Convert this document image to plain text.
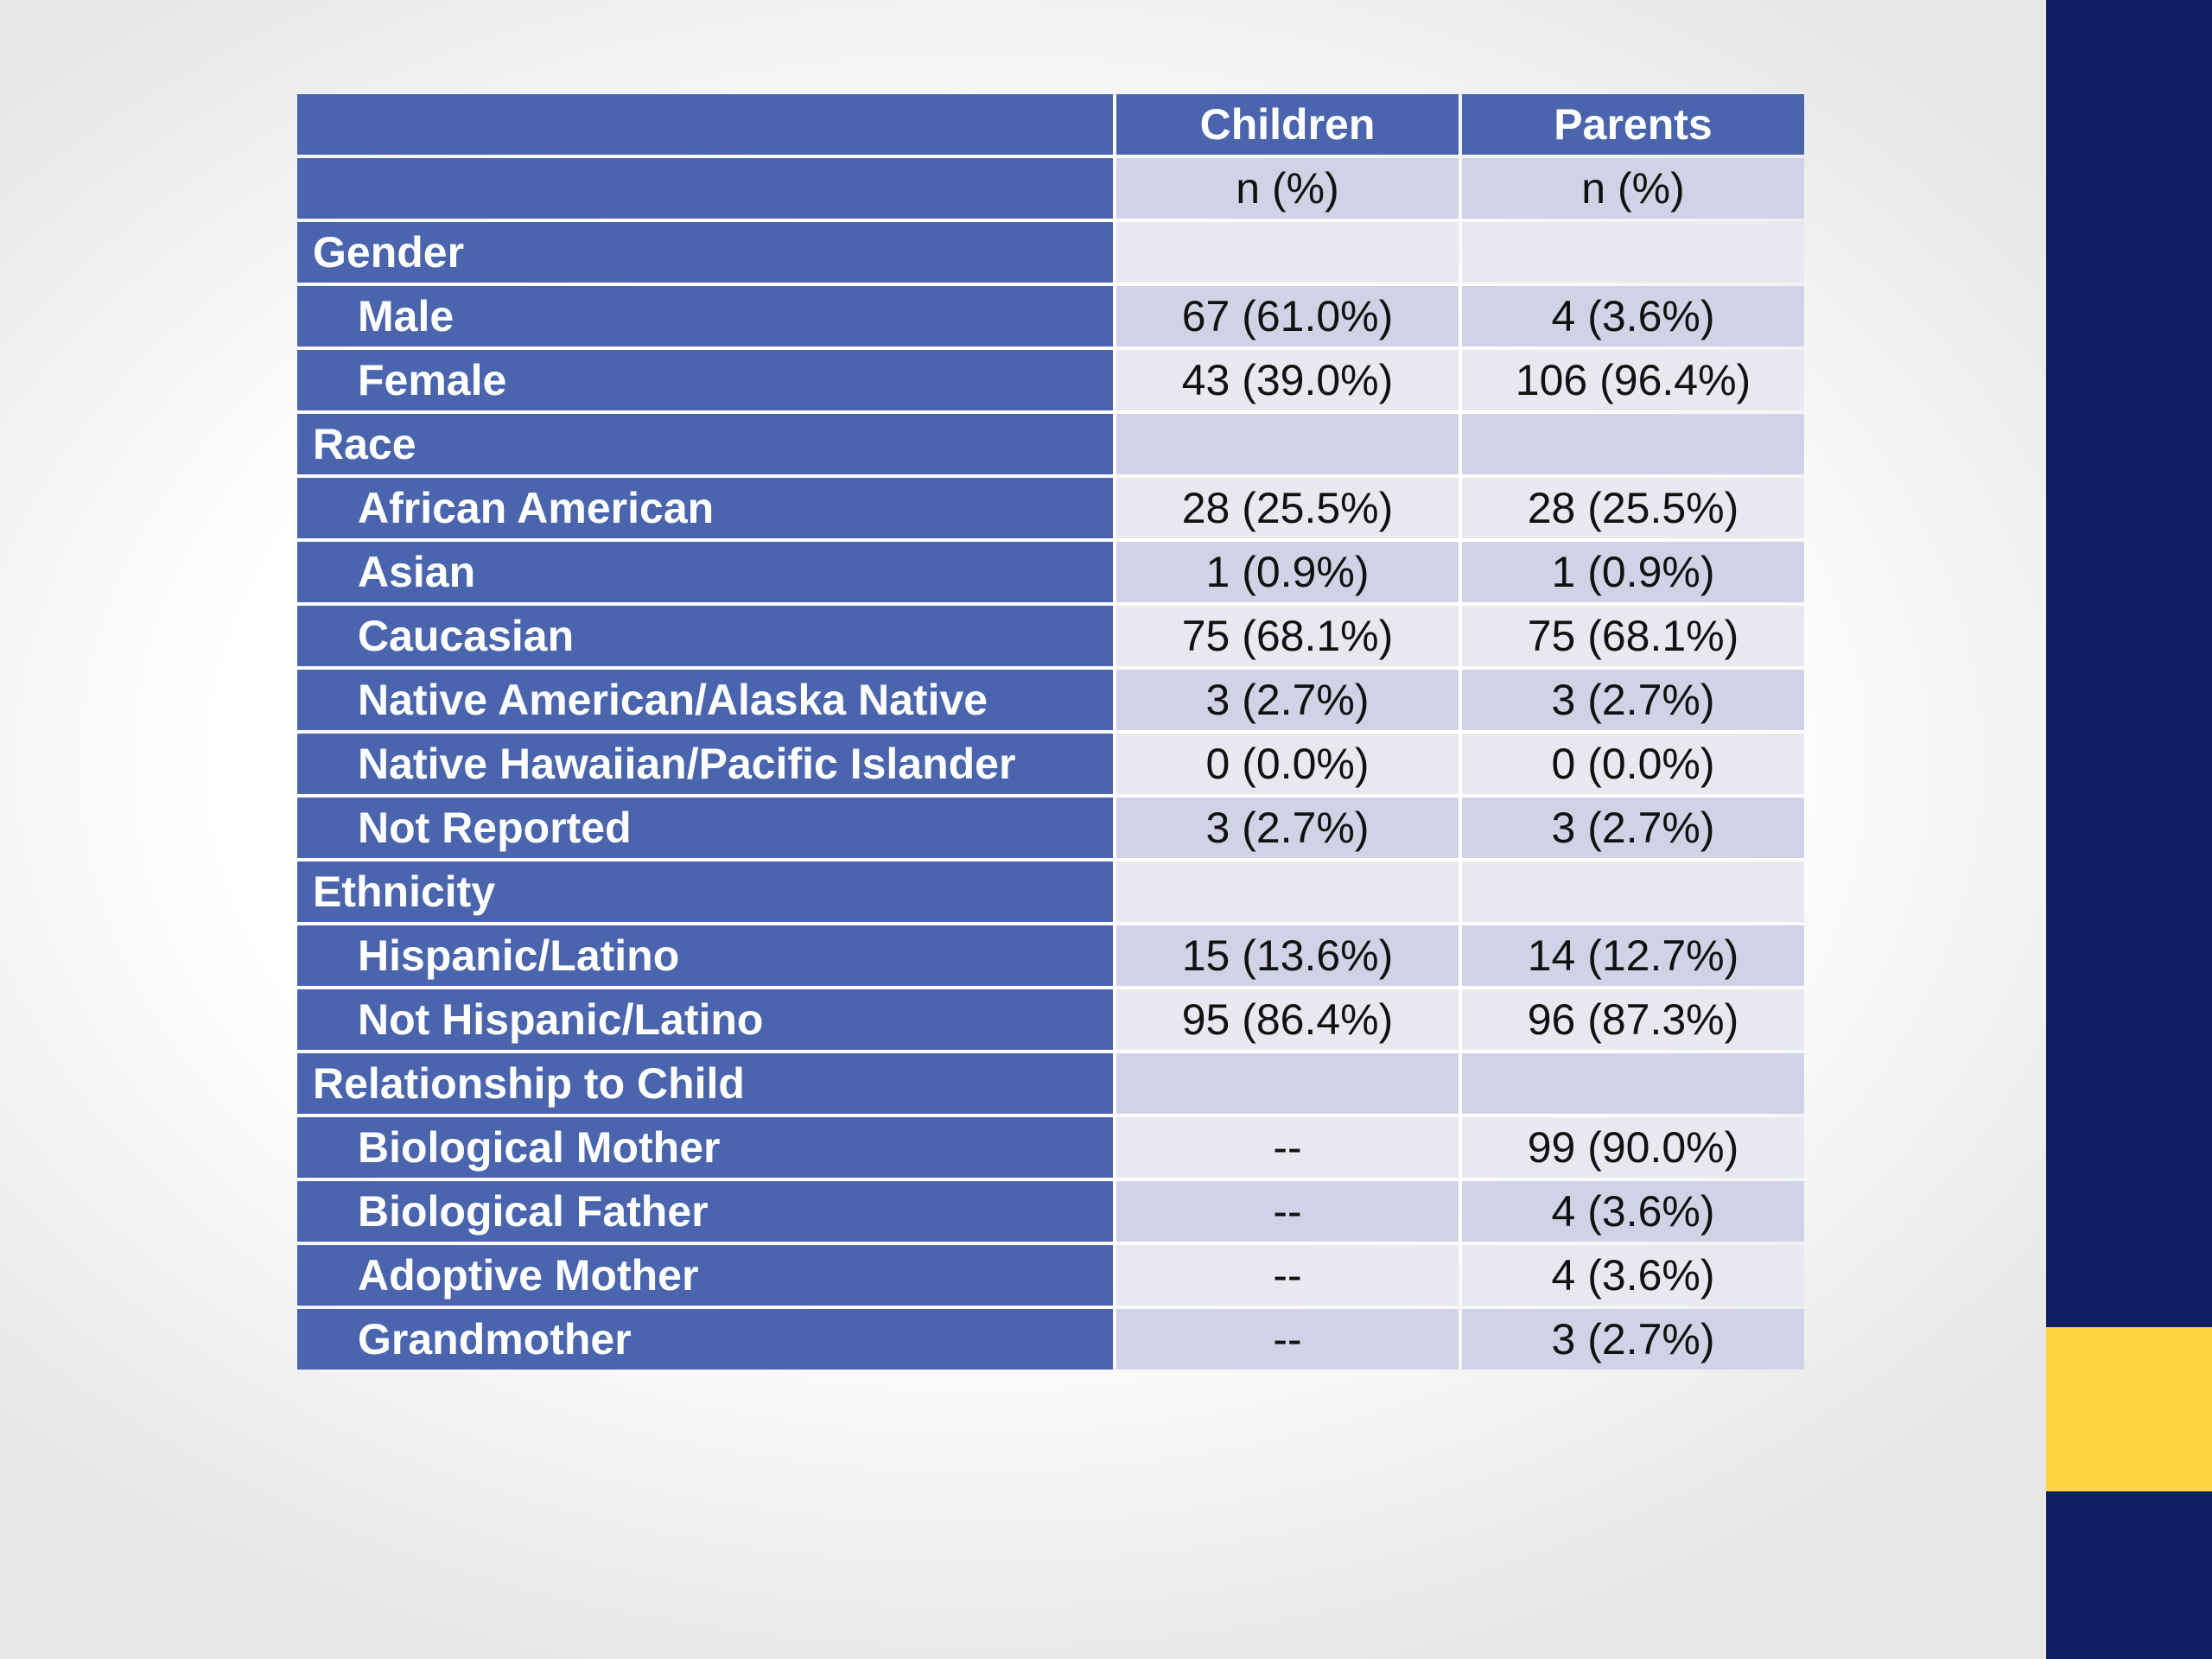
	Children	Parents
	n (%)	n (%)
Gender		
Male	67 (61.0%)	4 (3.6%)
Female	43 (39.0%)	106 (96.4%)
Race		
African American	28 (25.5%)	28 (25.5%)
Asian	1 (0.9%)	1 (0.9%)
Caucasian	75 (68.1%)	75 (68.1%)
Native American/Alaska Native	3 (2.7%)	3 (2.7%)
Native Hawaiian/Pacific Islander	0 (0.0%)	0 (0.0%)
Not Reported	3 (2.7%)	3 (2.7%)
Ethnicity		
Hispanic/Latino	15 (13.6%)	14 (12.7%)
Not Hispanic/Latino	95 (86.4%)	96 (87.3%)
Relationship to Child		
Biological Mother	--	99 (90.0%)
Biological Father	--	4 (3.6%)
Adoptive Mother	--	4 (3.6%)
Grandmother	--	3 (2.7%)
